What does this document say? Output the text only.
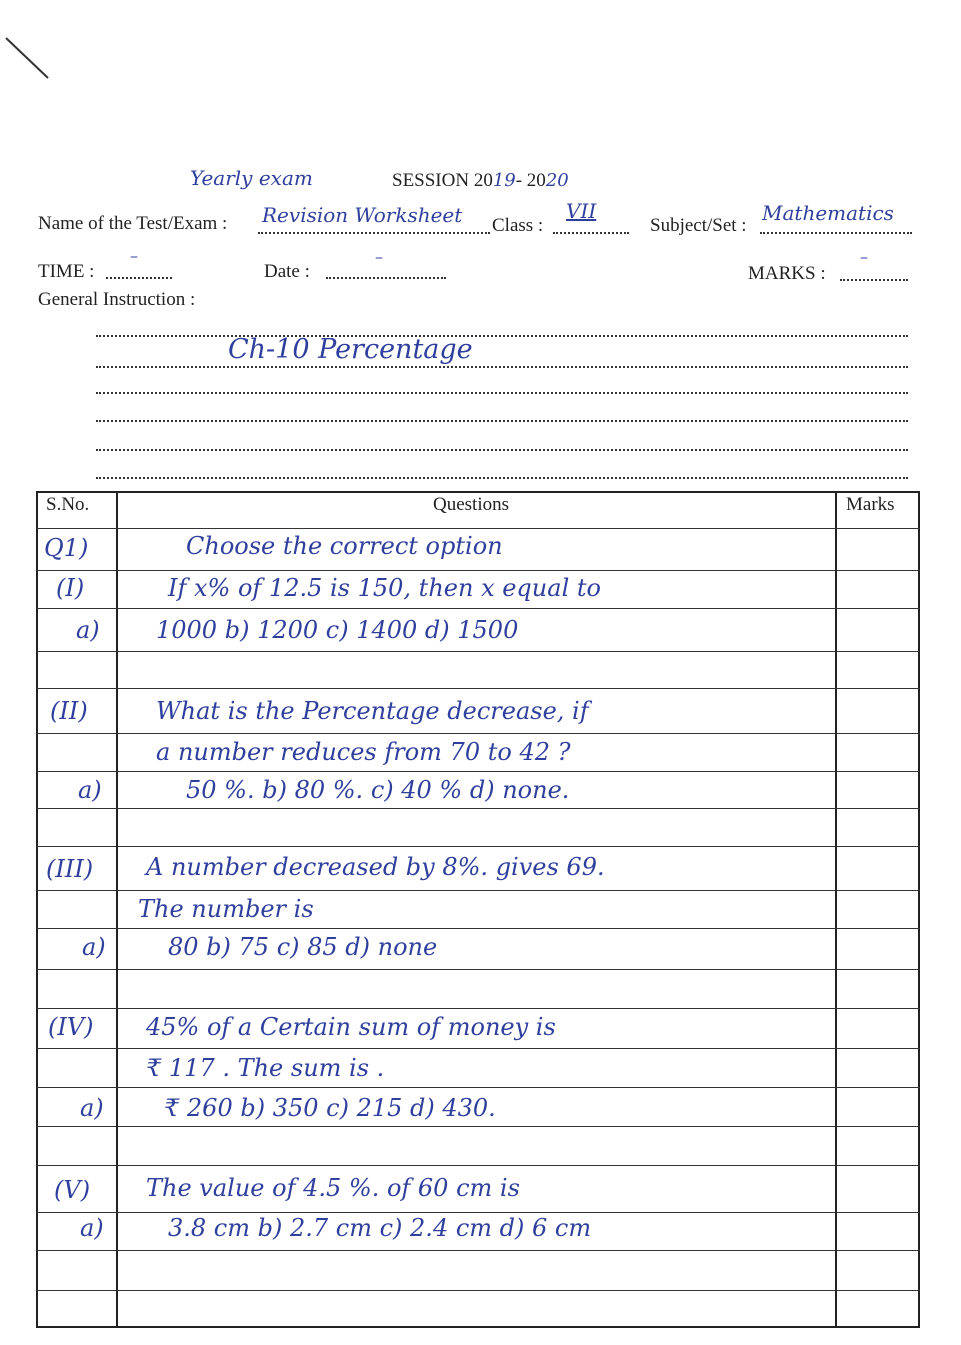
Yearly exam	SESSION 2019- 2020
Name of the Test/Exam : Revision Worksheet Class :
VII
Subject/Set :
Mathematics
TIME :
–
Date :
–
MARKS :
–
General Instruction :
Ch-10 Percentage
S.No.	Questions	Marks
Q1)	Choose the correct option
(I)	If x% of 12.5 is 150, then x equal to
a) 1000 b) 1200 c) 1400 d) 1500
(II)	What is the Percentage decrease, if
a number reduces from 70 to 42 ?
a)	50 %. b) 80 %. c) 40 % d) none.
(III) A number decreased by 8%. gives 69.
The number is
a)	80 b) 75 c) 85 d) none
(IV) 45% of a Certain sum of money is
₹ 117 . The sum is .
a)	₹ 260 b) 350 c) 215 d) 430.
(V) The value of 4.5 %. of 60 cm is
a)	3.8 cm b) 2.7 cm c) 2.4 cm d) 6 cm
